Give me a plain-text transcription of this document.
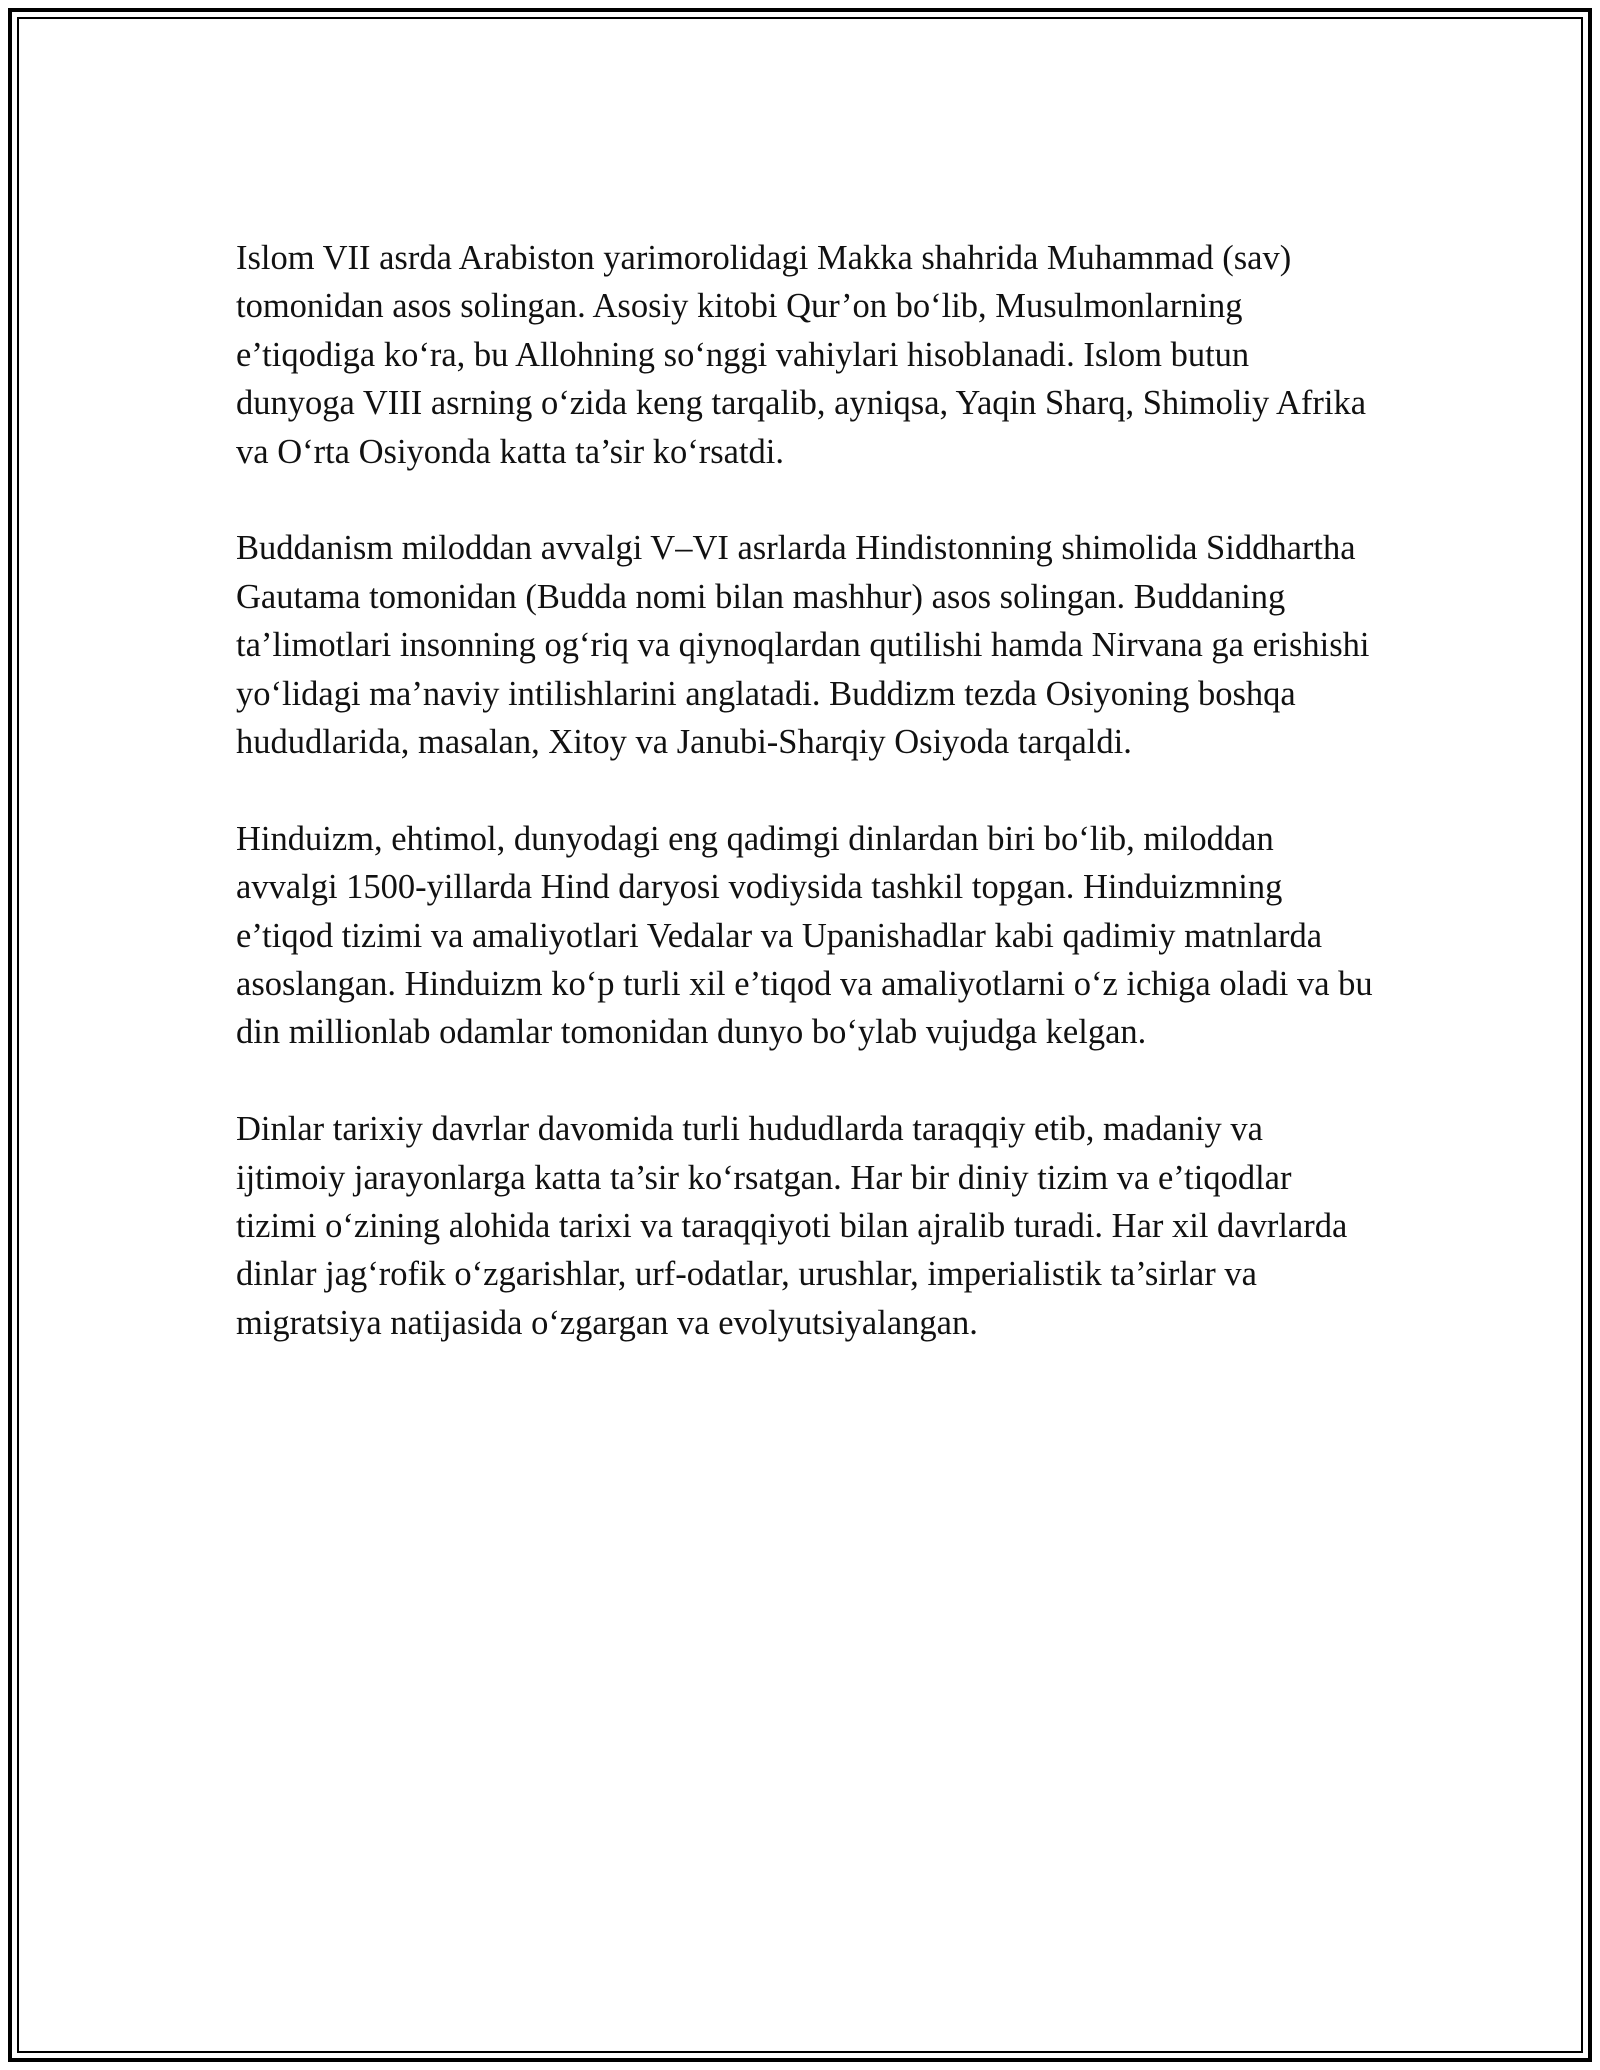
Islom VII asrda Arabiston yarimorolidagi Makka shahrida Muhammad (sav) tomonidan asos solingan. Asosiy kitobi Qur’on bo‘lib, Musulmonlarning e’tiqodiga ko‘ra, bu Allohning so‘nggi vahiylari hisoblanadi. Islom butun dunyoga VIII asrning o‘zida keng tarqalib, ayniqsa, Yaqin Sharq, Shimoliy Afrika va O‘rta Osiyonda katta ta’sir ko‘rsatdi.

Buddanism miloddan avvalgi V–VI asrlarda Hindistonning shimolida Siddhartha Gautama tomonidan (Budda nomi bilan mashhur) asos solingan. Buddaning ta’limotlari insonning og‘riq va qiynoqlardan qutilishi hamda Nirvana ga erishishi yo‘lidagi ma’naviy intilishlarini anglatadi. Buddizm tezda Osiyoning boshqa hududlarida, masalan, Xitoy va Janubi-Sharqiy Osiyoda tarqaldi.

Hinduizm, ehtimol, dunyodagi eng qadimgi dinlardan biri bo‘lib, miloddan avvalgi 1500-yillarda Hind daryosi vodiysida tashkil topgan. Hinduizmning e’tiqod tizimi va amaliyotlari Vedalar va Upanishadlar kabi qadimiy matnlarda asoslangan. Hinduizm ko‘p turli xil e’tiqod va amaliyotlarni o‘z ichiga oladi va bu din millionlab odamlar tomonidan dunyo bo‘ylab vujudga kelgan.

Dinlar tarixiy davrlar davomida turli hududlarda taraqqiy etib, madaniy va ijtimoiy jarayonlarga katta ta’sir ko‘rsatgan. Har bir diniy tizim va e’tiqodlar tizimi o‘zining alohida tarixi va taraqqiyoti bilan ajralib turadi. Har xil davrlarda dinlar jag‘rofik o‘zgarishlar, urf-odatlar, urushlar, imperialistik ta’sirlar va migratsiya natijasida o‘zgargan va evolyutsiyalangan.
